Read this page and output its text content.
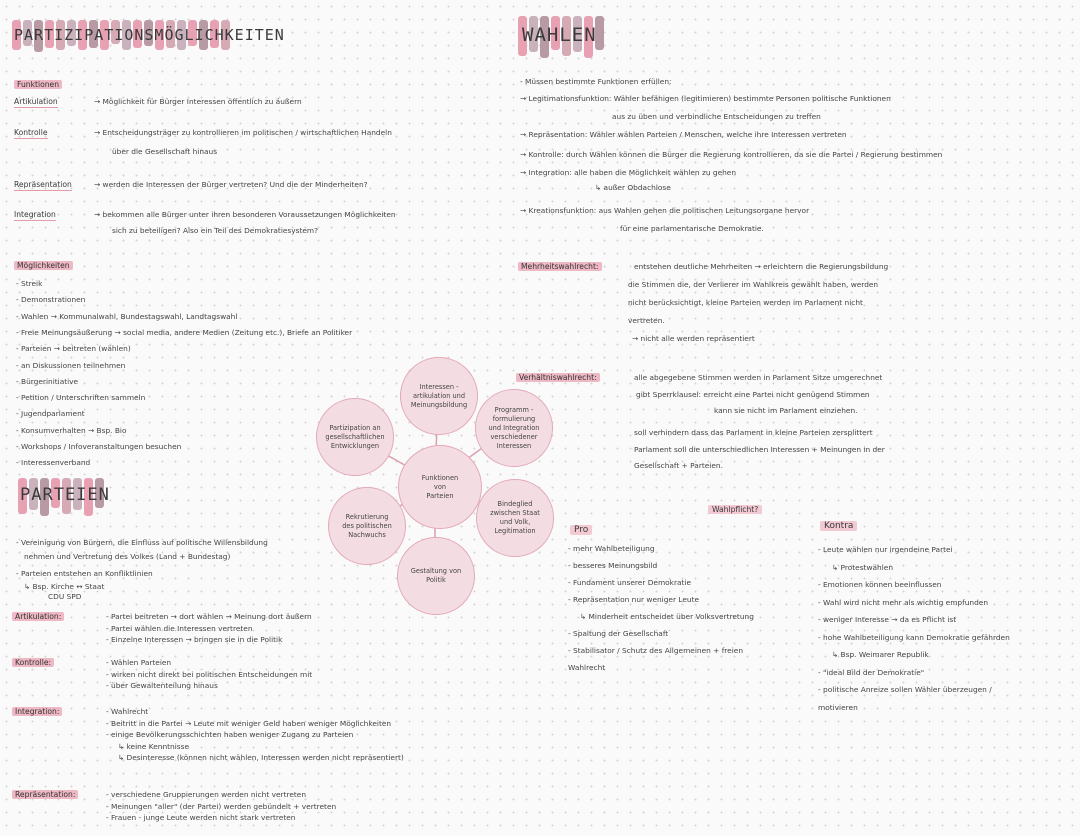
PARTIZIPATIONSMÖGLICHKEITEN
Funktionen
Artikulation	→ Möglichkeit für Bürger Interessen öffentlich zu äußern
Kontrolle	→ Entscheidungsträger zu kontrollieren im politischen / wirtschaftlichen Handeln
über die Gesellschaft hinaus
Repräsentation	→ werden die Interessen der Bürger vertreten? Und die der Minderheiten?
Integration	→ bekommen alle Bürger unter ihren besonderen Voraussetzungen Möglichkeiten
sich zu beteiligen? Also ein Teil des Demokratiesystem?
Möglichkeiten
- Streik
- Demonstrationen
- Wahlen → Kommunalwahl, Bundestagswahl, Landtagswahl
- Freie Meinungsäußerung → social media, andere Medien (Zeitung etc.), Briefe an Politiker
- Parteien → beitreten (wählen)
- an Diskussionen teilnehmen
- Bürgerinitiative
- Petition / Unterschriften sammeln
- Jugendparlament
- Konsumverhalten → Bsp. Bio
- Workshops / Infoveranstaltungen besuchen
- Interessenverband
PARTEIEN
- Vereinigung von Bürgern, die Einfluss auf politische Willensbildung
nehmen und Vertretung des Volkes (Land + Bundestag)
- Parteien entstehen an Konfliktlinien
↳ Bsp. Kirche ↔ Staat
CDU SPD
Artikulation:	- Partei beitreten → dort wählen → Meinung dort äußern
- Partei wählen die Interessen vertreten
- Einzelne Interessen → bringen sie in die Politik
Kontrolle:	- Wählen Parteien
- wirken nicht direkt bei politischen Entscheidungen mit
- über Gewaltenteilung hinaus
Integration:	- Wahlrecht
- Beitritt in die Partei → Leute mit weniger Geld haben weniger Möglichkeiten
- einige Bevölkerungsschichten haben weniger Zugang zu Parteien
↳ keine Kenntnisse
↳ Desinteresse (können nicht wählen, Interessen werden nicht repräsentiert)
Repräsentation:	- verschiedene Gruppierungen werden nicht vertreten
- Meinungen "aller" (der Partei) werden gebündelt + vertreten
- Frauen - junge Leute werden nicht stark vertreten
Interessen -
artikulation und
Meinungsbildung
Programm -
formulierung
und Integration
verschiedener
Interessen
Bindeglied
zwischen Staat
und Volk,
Legitimation
Gestaltung von
Politik
Rekrutierung
des politischen
Nachwuchs
Partizipation an
gesellschaftlichen
Entwicklungen
Funktionen
von
Parteien
WAHLEN
- Müssen bestimmte Funktionen erfüllen:
→ Legitimationsfunktion: Wähler befähigen (legitimieren) bestimmte Personen politische Funktionen
aus zu üben und verbindliche Entscheidungen zu treffen
→ Repräsentation: Wähler wählen Parteien / Menschen, welche ihre Interessen vertreten
→ Kontrolle: durch Wählen können die Bürger die Regierung kontrollieren, da sie die Partei / Regierung bestimmen
→ Integration: alle haben die Möglichkeit wählen zu gehen
↳ außer Obdachlose
→ Kreationsfunktion: aus Wahlen gehen die politischen Leitungsorgane hervor
für eine parlamentarische Demokratie.
Mehrheitswahlrecht:	entstehen deutliche Mehrheiten → erleichtern die Regierungsbildung
die Stimmen die, der Verlierer im Wahlkreis gewählt haben, werden
nicht berücksichtigt, kleine Parteien werden im Parlament nicht
vertreten.
→ nicht alle werden repräsentiert
Verhältniswahlrecht:	alle abgegebene Stimmen werden in Parlament Sitze umgerechnet
gibt Sperrklausel: erreicht eine Partei nicht genügend Stimmen
kann sie nicht im Parlament einziehen.
soll verhindern dass das Parlament in kleine Parteien zersplittert
Parlament soll die unterschiedlichen Interessen + Meinungen in der
Gesellschaft + Parteien.
Wahlpflicht?
Pro	Kontra
- mehr Wahlbeteiligung
- besseres Meinungsbild
- Fundament unserer Demokratie
- Repräsentation nur weniger Leute
↳ Minderheit entscheidet über Volksvertretung
- Spaltung der Gesellschaft
- Stabilisator / Schutz des Allgemeinen + freien
Wahlrecht
- Leute wählen nur irgendeine Partei
↳ Protestwählen
- Emotionen können beeinflussen
- Wahl wird nicht mehr als wichtig empfunden
- weniger Interesse → da es Pflicht ist
- hohe Wahlbeteiligung kann Demokratie gefährden
↳ Bsp. Weimarer Republik
- "ideal Bild der Demokratie"
- politische Anreize sollen Wähler überzeugen /
motivieren
